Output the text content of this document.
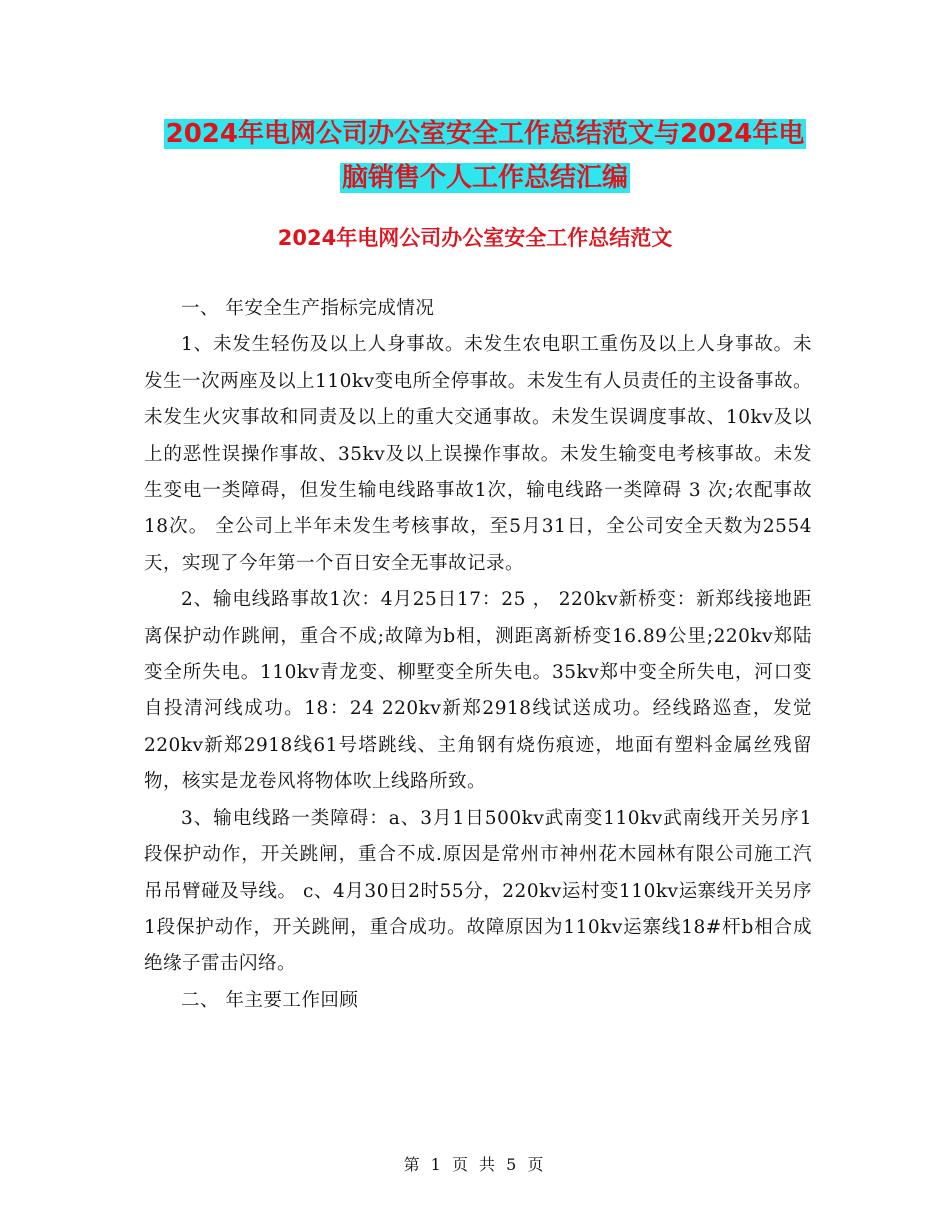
2024年电网公司办公室安全工作总结范文与2024年电
脑销售个人工作总结汇编
2024年电网公司办公室安全工作总结范文

一、 年安全生产指标完成情况

1、未发生轻伤及以上人身事故。未发生农电职工重伤及以上人身事故。未发生一次两座及以上110kv变电所全停事故。未发生有人员责任的主设备事故。未发生火灾事故和同责及以上的重大交通事故。未发生误调度事故、10kv及以上的恶性误操作事故、35kv及以上误操作事故。未发生输变电考核事故。未发生变电一类障碍，但发生输电线路事故1次，输电线路一类障碍 3 次;农配事故 18次。 全公司上半年未发生考核事故，至5月31日，全公司安全天数为2554 天，实现了今年第一个百日安全无事故记录。

2、输电线路事故1次：4月25日17：25 ， 220kv新桥变：新郑线接地距离保护动作跳闸，重合不成;故障为b相，测距离新桥变16.89公里;220kv郑陆变全所失电。110kv青龙变、柳墅变全所失电。35kv郑中变全所失电，河口变自投清河线成功。18：24 220kv新郑2918线试送成功。经线路巡查，发觉220kv新郑2918线61号塔跳线、主角钢有烧伤痕迹，地面有塑料金属丝残留物，核实是龙卷风将物体吹上线路所致。

3、输电线路一类障碍：a、3月1日500kv武南变110kv武南线开关另序1段保护动作，开关跳闸，重合不成.原因是常州市神州花木园林有限公司施工汽吊吊臂碰及导线。 c、4月30日2时55分，220kv运村变110kv运寨线开关另序1段保护动作，开关跳闸，重合成功。故障原因为110kv运寨线18#杆b相合成绝缘子雷击闪络。

二、 年主要工作回顾

第 1 页 共 5 页
